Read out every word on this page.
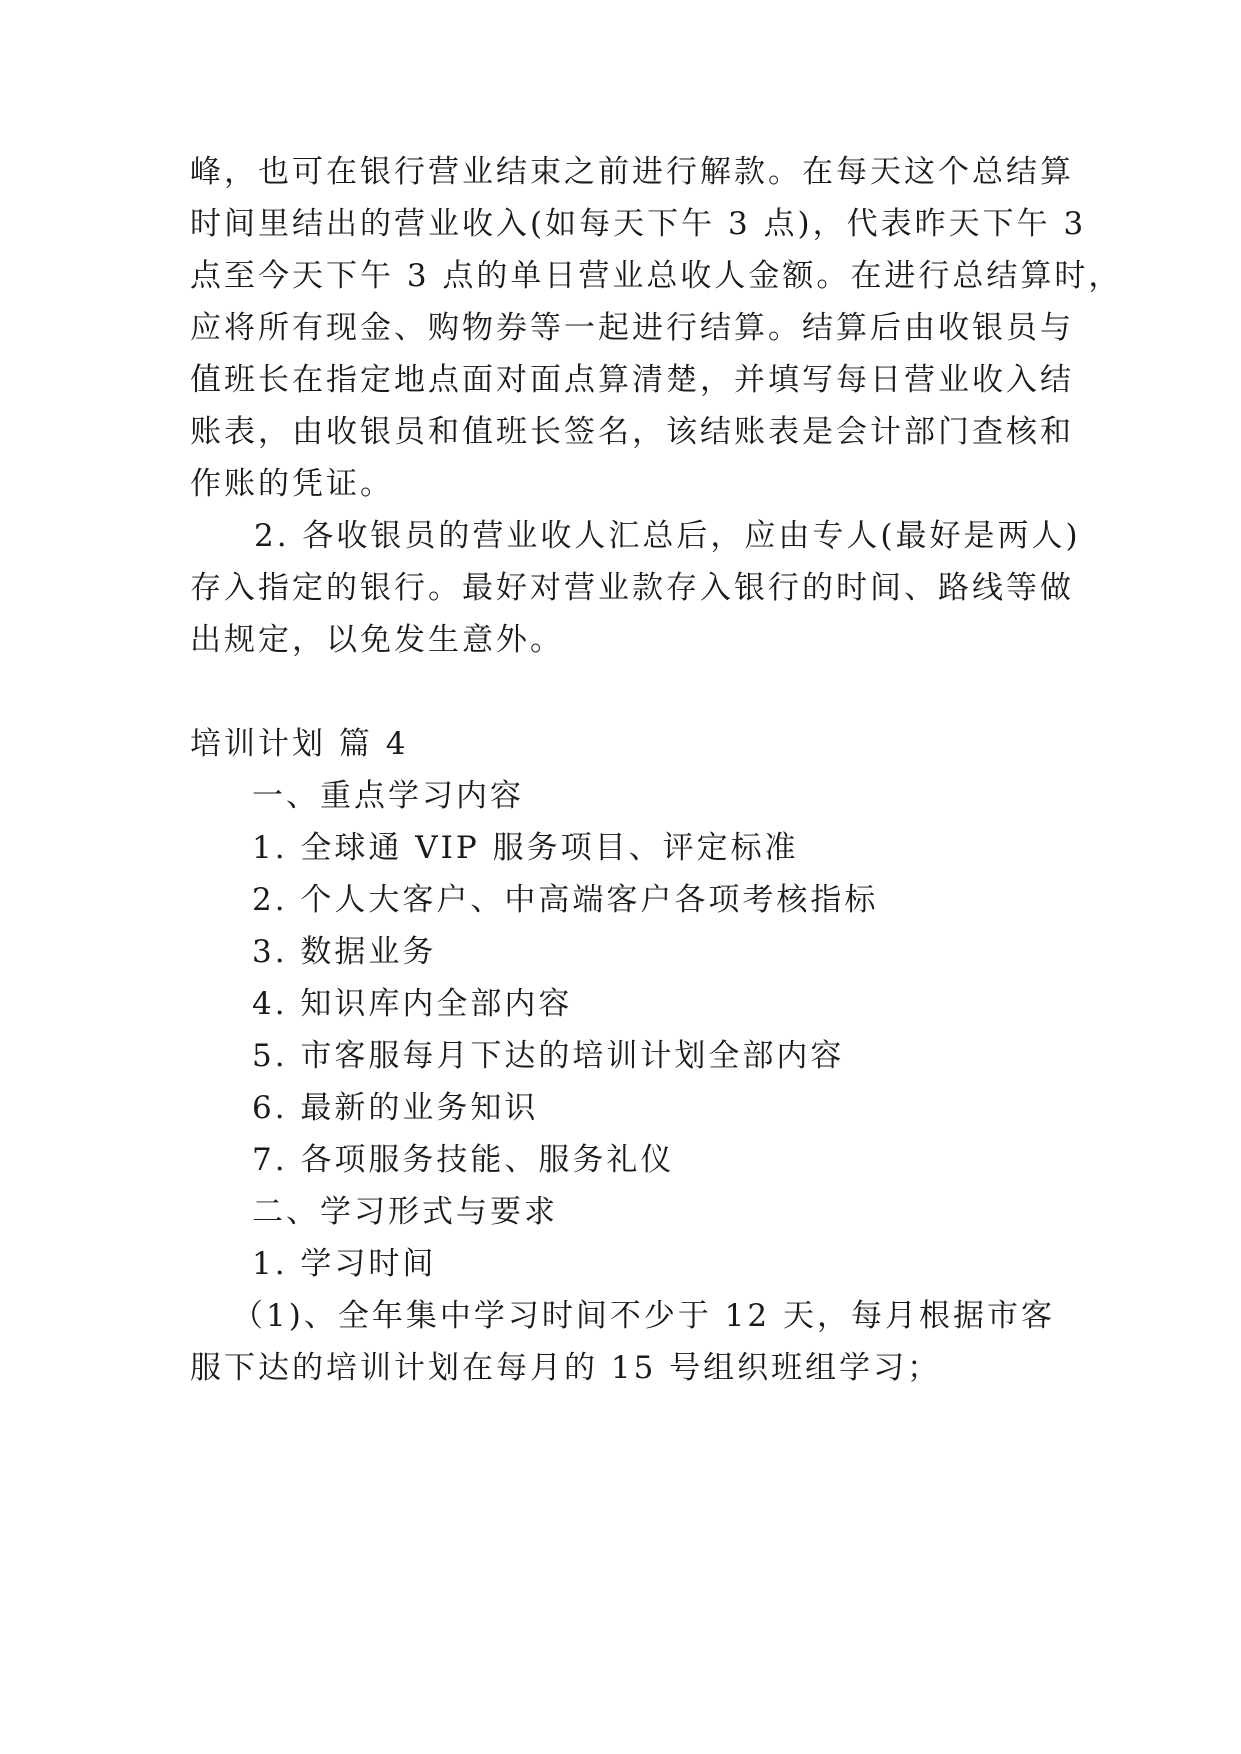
峰，也可在银行营业结束之前进行解款。在每天这个总结算
时间里结出的营业收入(如每天下午 3 点)，代表昨天下午 3
点至今天下午 3 点的单日营业总收人金额。在进行总结算时，
应将所有现金、购物券等一起进行结算。结算后由收银员与
值班长在指定地点面对面点算清楚，并填写每日营业收入结
账表，由收银员和值班长签名，该结账表是会计部门查核和
作账的凭证。
2. 各收银员的营业收人汇总后，应由专人(最好是两人)
存入指定的银行。最好对营业款存入银行的时间、路线等做
出规定，以免发生意外。
培训计划 篇 4
一、重点学习内容
1. 全球通 VIP 服务项目、评定标准
2. 个人大客户、中高端客户各项考核指标
3. 数据业务
4. 知识库内全部内容
5. 市客服每月下达的培训计划全部内容
6. 最新的业务知识
7. 各项服务技能、服务礼仪
二、学习形式与要求
1. 学习时间
（1)、全年集中学习时间不少于 12 天，每月根据市客
服下达的培训计划在每月的 15 号组织班组学习；
